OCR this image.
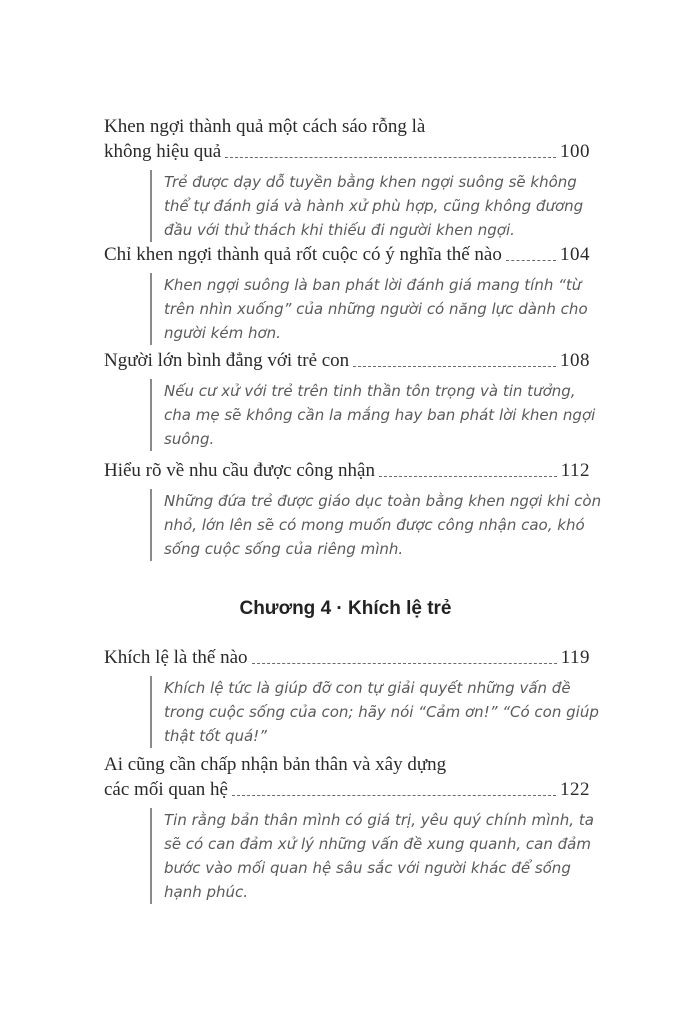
Khen ngợi thành quả một cách sáo rỗng là
không hiệu quả	100
Trẻ được dạy dỗ tuyền bằng khen ngợi suông sẽ không thể tự đánh giá và hành xử phù hợp, cũng không đương đầu với thử thách khi thiếu đi người khen ngợi.
Chỉ khen ngợi thành quả rốt cuộc có ý nghĩa thế nào	104
Khen ngợi suông là ban phát lời đánh giá mang tính “từ trên nhìn xuống” của những người có năng lực dành cho người kém hơn.
Người lớn bình đẳng với trẻ con	108
Nếu cư xử với trẻ trên tinh thần tôn trọng và tin tưởng, cha mẹ sẽ không cần la mắng hay ban phát lời khen ngợi suông.
Hiểu rõ về nhu cầu được công nhận	112
Những đứa trẻ được giáo dục toàn bằng khen ngợi khi còn nhỏ, lớn lên sẽ có mong muốn được công nhận cao, khó sống cuộc sống của riêng mình.
Chương 4 · Khích lệ trẻ
Khích lệ là thế nào	119
Khích lệ tức là giúp đỡ con tự giải quyết những vấn đề trong cuộc sống của con; hãy nói “Cảm ơn!” “Có con giúp thật tốt quá!”
Ai cũng cần chấp nhận bản thân và xây dựng
các mối quan hệ	122
Tin rằng bản thân mình có giá trị, yêu quý chính mình, ta sẽ có can đảm xử lý những vấn đề xung quanh, can đảm bước vào mối quan hệ sâu sắc với người khác để sống hạnh phúc.
